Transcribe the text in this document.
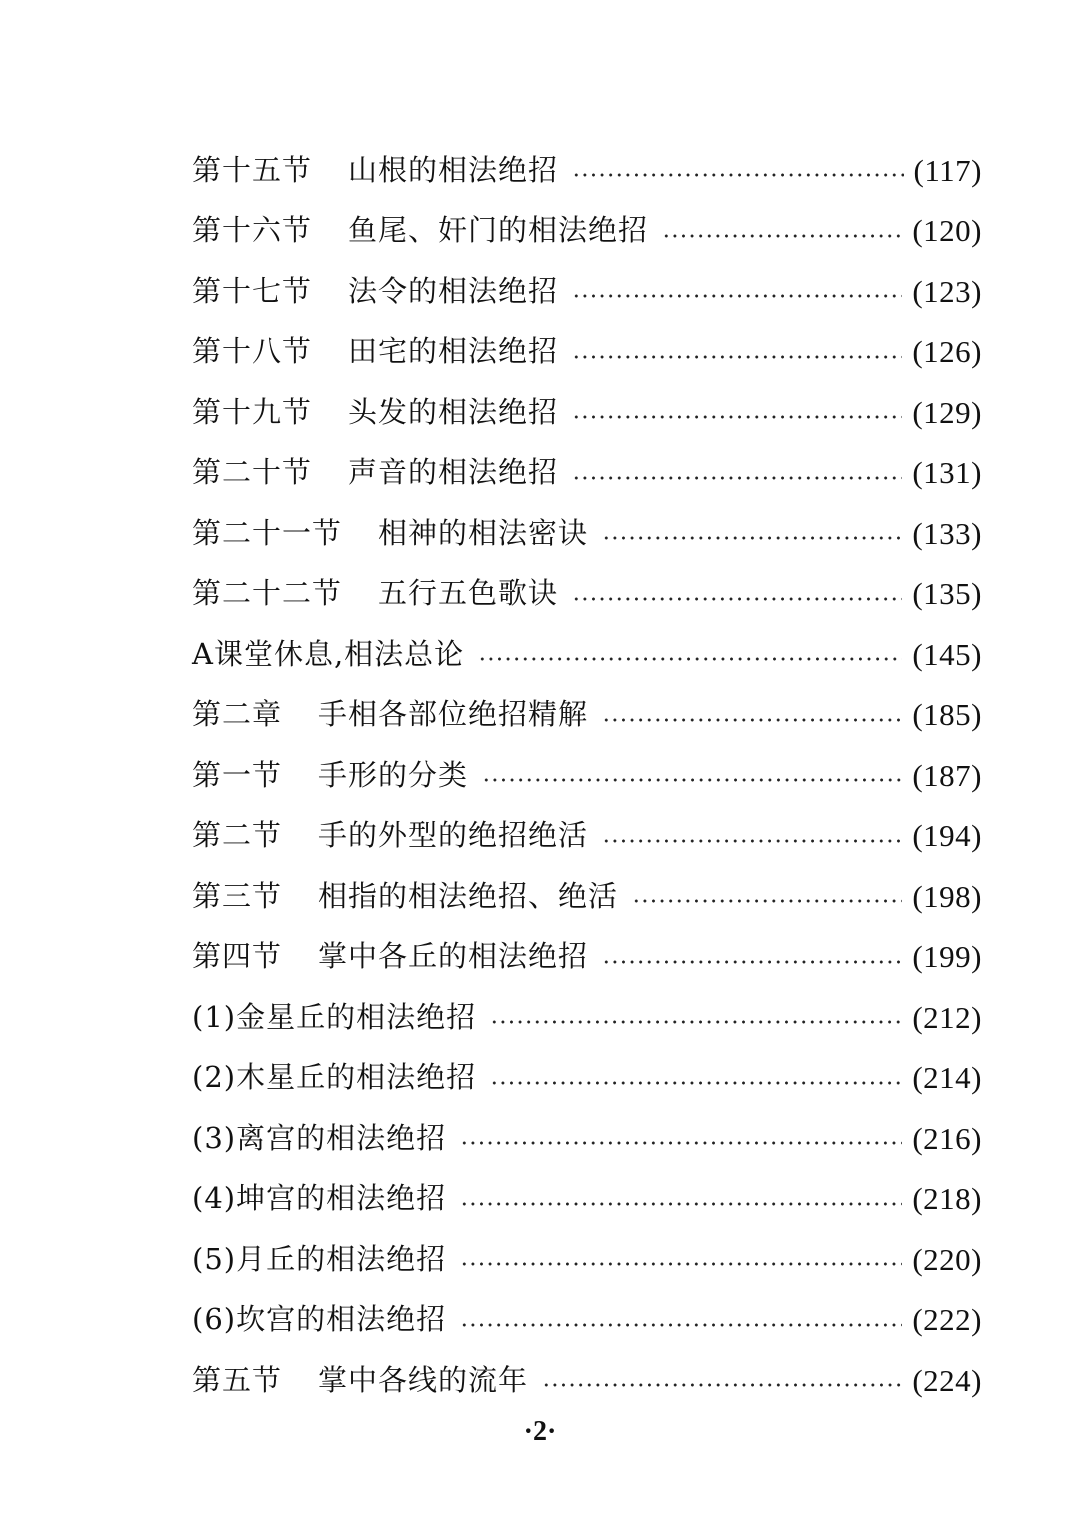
第十五节 山根的相法绝招	(117)
第十六节 鱼尾、奸门的相法绝招	(120)
第十七节 法令的相法绝招	(123)
第十八节 田宅的相法绝招	(126)
第十九节 头发的相法绝招	(129)
第二十节 声音的相法绝招	(131)
第二十一节 相神的相法密诀	(133)
第二十二节 五行五色歌诀	(135)
A课堂休息,相法总论	(145)
第二章 手相各部位绝招精解	(185)
第一节 手形的分类	(187)
第二节 手的外型的绝招绝活	(194)
第三节 相指的相法绝招、绝活	(198)
第四节 掌中各丘的相法绝招	(199)
(1)金星丘的相法绝招	(212)
(2)木星丘的相法绝招	(214)
(3)离宫的相法绝招	(216)
(4)坤宫的相法绝招	(218)
(5)月丘的相法绝招	(220)
(6)坎宫的相法绝招	(222)
第五节 掌中各线的流年	(224)
·2·
